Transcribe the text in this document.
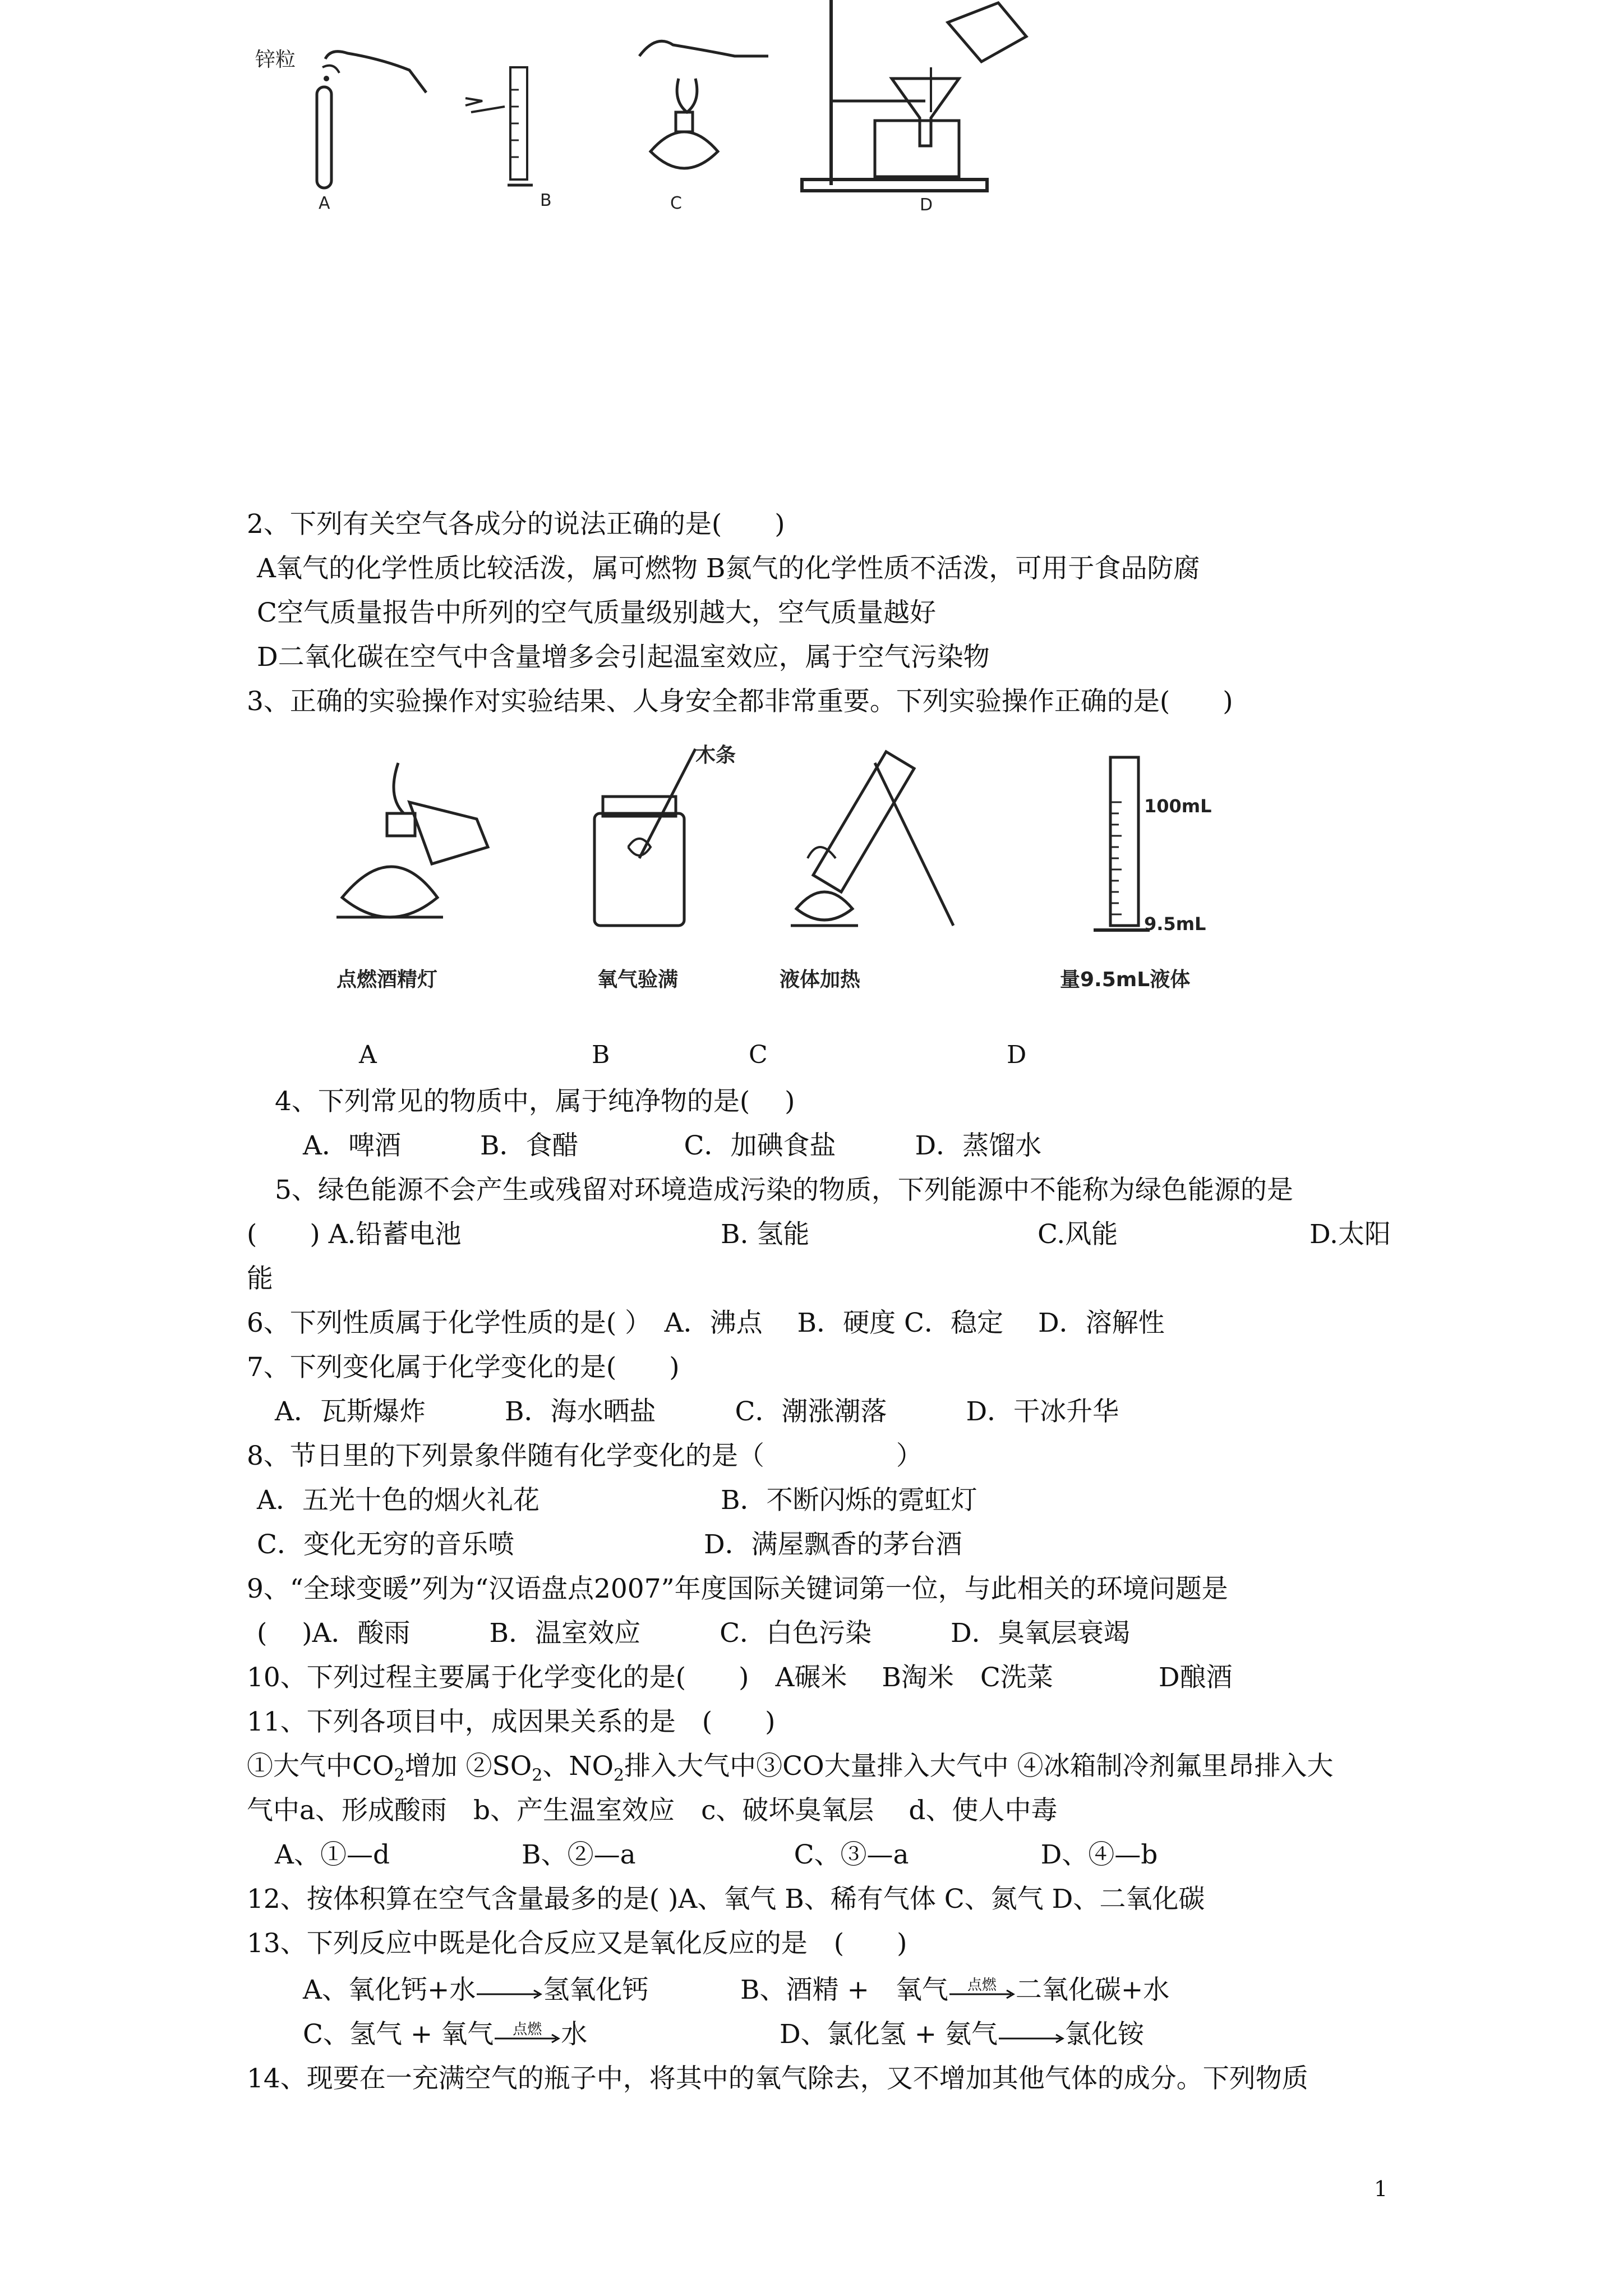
锌粒
A	B	C	D
2、下列有关空气各成分的说法正确的是(　　)
A氧气的化学性质比较活泼，属可燃物 B氮气的化学性质不活泼，可用于食品防腐
C空气质量报告中所列的空气质量级别越大，空气质量越好
D二氧化碳在空气中含量增多会引起温室效应，属于空气污染物
3、正确的实验操作对实验结果、人身安全都非常重要。下列实验操作正确的是(　　)
木条
100mL
9.5mL
点燃酒精灯	氧气验满	液体加热	量9.5mL液体
A	B	C	D
4、下列常见的物质中，属于纯净物的是(　 )
A．啤酒　　　B．食醋　　　　C．加碘食盐　　　D．蒸馏水
5、绿色能源不会产生或残留对环境造成污染的物质，下列能源中不能称为绿色能源的是
(　　) A.铅蓄电池	B. 氢能	C.风能	D.太阳
能
6、下列性质属于化学性质的是( ）　A．沸点　 B．硬度 C．稳定　 D．溶解性
7、下列变化属于化学变化的是(　　)
A．瓦斯爆炸　　　B．海水晒盐　　　C．潮涨潮落　　　D．干冰升华
8、节日里的下列景象伴随有化学变化的是（　　　　　）
A．五光十色的烟火礼花	B．不断闪烁的霓虹灯
C．变化无穷的音乐喷	D．满屋飘香的茅台酒
9、“全球变暖”列为“汉语盘点2007”年度国际关键词第一位，与此相关的环境问题是
(　 )A．酸雨　　　B．温室效应　　　C．白色污染　　　D．臭氧层衰竭
10、下列过程主要属于化学变化的是(　　)　A碾米　 B淘米　C洗菜　　　　D酿酒
11、下列各项目中，成因果关系的是　(　　)
①大气中$CO_2$增加 $②SO_2$、$NO_2$排入大气中③CO大量排入大气中 ④冰箱制冷剂氟里昂排入大
气中a、形成酸雨　b、产生温室效应　c、破坏臭氧层　 d、使人中毒
A、①—d　　　　　B、②—a　　　　　　C、③—a　　　　　D、④—b
12、按体积算在空气含量最多的是( )A、氧气 B、稀有气体 C、氮气 D、二氧化碳
13、下列反应中既是化合反应又是氧化反应的是　(　　)
A、氧化钙+水→氢氧化钙	B、酒精 +　氧气	点燃 二氧化碳+水
C、氢气 + 氧气	点燃 水	D、氯化氢 + 氨气→氯化铵
14、现要在一充满空气的瓶子中，将其中的氧气除去，又不增加其他气体的成分。下列物质
1
